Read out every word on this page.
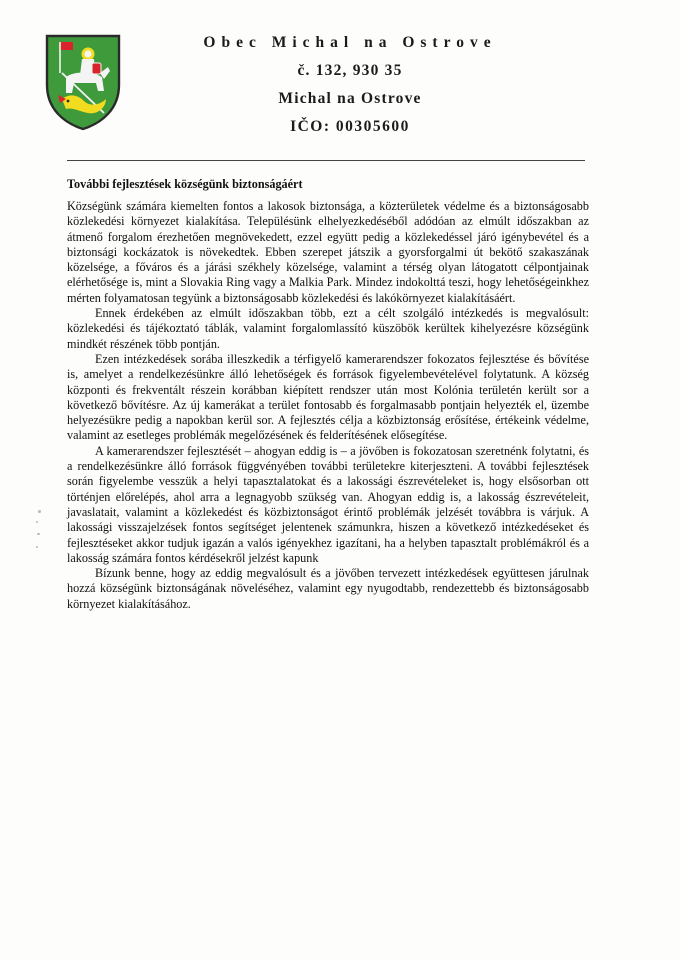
Obec Michal na Ostrove
č. 132, 930 35
Michal na Ostrove
IČO: 00305600

További fejlesztések községünk biztonságáért

Községünk számára kiemelten fontos a lakosok biztonsága, a közterületek védelme és a biztonságosabb közlekedési környezet kialakítása. Településünk elhelyezkedéséből adódóan az elmúlt időszakban az átmenő forgalom érezhetően megnövekedett, ezzel együtt pedig a közlekedéssel járó igénybevétel és a biztonsági kockázatok is növekedtek. Ebben szerepet játszik a gyorsforgalmi út bekötő szakaszának közelsége, a főváros és a járási székhely közelsége, valamint a térség olyan látogatott célpontjainak elérhetősége is, mint a Slovakia Ring vagy a Malkia Park. Mindez indokolttá teszi, hogy lehetőségeinkhez mérten folyamatosan tegyünk a biztonságosabb közlekedési és lakókörnyezet kialakításáért.

Ennek érdekében az elmúlt időszakban több, ezt a célt szolgáló intézkedés is megvalósult: közlekedési és tájékoztató táblák, valamint forgalomlassító küszöbök kerültek kihelyezésre községünk mindkét részének több pontján.

Ezen intézkedések sorába illeszkedik a térfigyelő kamerarendszer fokozatos fejlesztése és bővítése is, amelyet a rendelkezésünkre álló lehetőségek és források figyelembevételével folytatunk. A község központi és frekventált részein korábban kiépített rendszer után most Kolónia területén került sor a következő bővítésre. Az új kamerákat a terület fontosabb és forgalmasabb pontjain helyezték el, üzembe helyezésükre pedig a napokban kerül sor. A fejlesztés célja a közbiztonság erősítése, értékeink védelme, valamint az esetleges problémák megelőzésének és felderítésének elősegítése.

A kamerarendszer fejlesztését – ahogyan eddig is – a jövőben is fokozatosan szeretnénk folytatni, és a rendelkezésünkre álló források függvényében további területekre kiterjeszteni. A további fejlesztések során figyelembe vesszük a helyi tapasztalatokat és a lakossági észrevételeket is, hogy elsősorban ott történjen előrelépés, ahol arra a legnagyobb szükség van. Ahogyan eddig is, a lakosság észrevételeit, javaslatait, valamint a közlekedést és közbiztonságot érintő problémák jelzését továbbra is várjuk. A lakossági visszajelzések fontos segítséget jelentenek számunkra, hiszen a következő intézkedéseket és fejlesztéseket akkor tudjuk igazán a valós igényekhez igazítani, ha a helyben tapasztalt problémákról és a lakosság számára fontos kérdésekről jelzést kapunk

Bízunk benne, hogy az eddig megvalósult és a jövőben tervezett intézkedések együttesen járulnak hozzá községünk biztonságának növeléséhez, valamint egy nyugodtabb, rendezettebb és biztonságosabb környezet kialakításához.
